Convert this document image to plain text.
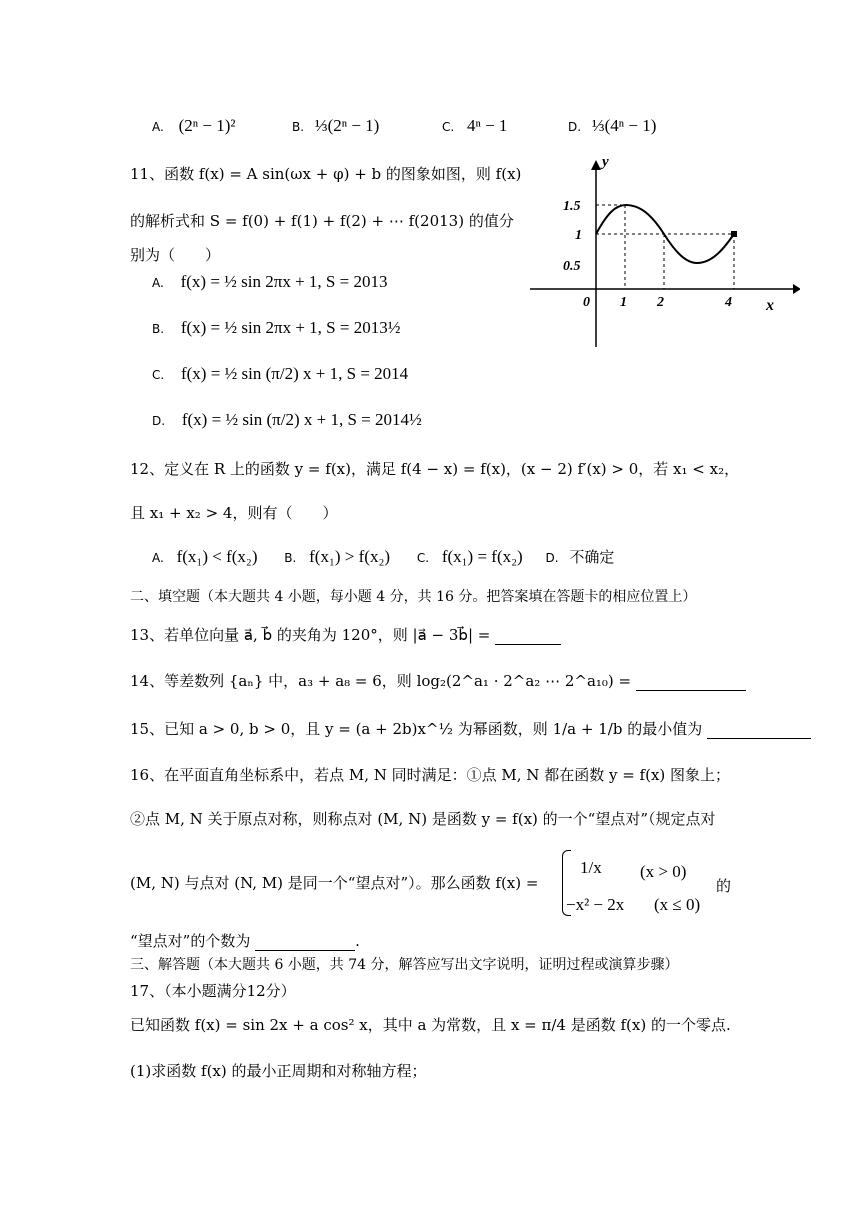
A. (2ⁿ − 1)²	B. ⅓(2ⁿ − 1)	C. 4ⁿ − 1	D. ⅓(4ⁿ − 1)
11、函数 f(x) = A sin(ωx + φ) + b 的图象如图，则 f(x)
的解析式和 S = f(0) + f(1) + f(2) + ⋯ f(2013) 的值分
别为（　　）
A. f(x) = ½ sin 2πx + 1, S = 2013
B. f(x) = ½ sin 2πx + 1, S = 2013½
C. f(x) = ½ sin (π/2) x + 1, S = 2014
D. f(x) = ½ sin (π/2) x + 1, S = 2014½
y
x
0
1.5
1
0.5
1 2	4
12、定义在 R 上的函数 y = f(x)，满足 f(4 − x) = f(x)，(x − 2) f′(x) > 0，若 x₁ < x₂，
且 x₁ + x₂ > 4，则有（　　）
A. f(x₁) < f(x₂) B. f(x₁) > f(x₂) C. f(x₁) = f(x₂) D. 不确定
二、填空题（本大题共 4 小题，每小题 4 分，共 16 分。把答案填在答题卡的相应位置上）
13、若单位向量 a⃗, b⃗ 的夹角为 120°，则 |a⃗ − 3b⃗| =
14、等差数列 {aₙ} 中，a₃ + a₈ = 6，则 log₂(2^a₁ · 2^a₂ ⋯ 2^a₁₀) =
15、已知 a > 0, b > 0，且 y = (a + 2b)x^½ 为幂函数，则 1/a + 1/b 的最小值为
16、在平面直角坐标系中，若点 M, N 同时满足：①点 M, N 都在函数 y = f(x) 图象上；
②点 M, N 关于原点对称，则称点对 (M, N) 是函数 y = f(x) 的一个“望点对”（规定点对
(M, N) 与点对 (N, M) 是同一个“望点对”）。那么函数 f(x) =
1/x (x > 0)
−x² − 2x (x ≤ 0)
的
“望点对”的个数为	.
三、解答题（本大题共 6 小题，共 74 分，解答应写出文字说明，证明过程或演算步骤）
17、（本小题满分12分）
已知函数 f(x) = sin 2x + a cos² x，其中 a 为常数，且 x = π/4 是函数 f(x) 的一个零点.
(1)求函数 f(x) 的最小正周期和对称轴方程；
